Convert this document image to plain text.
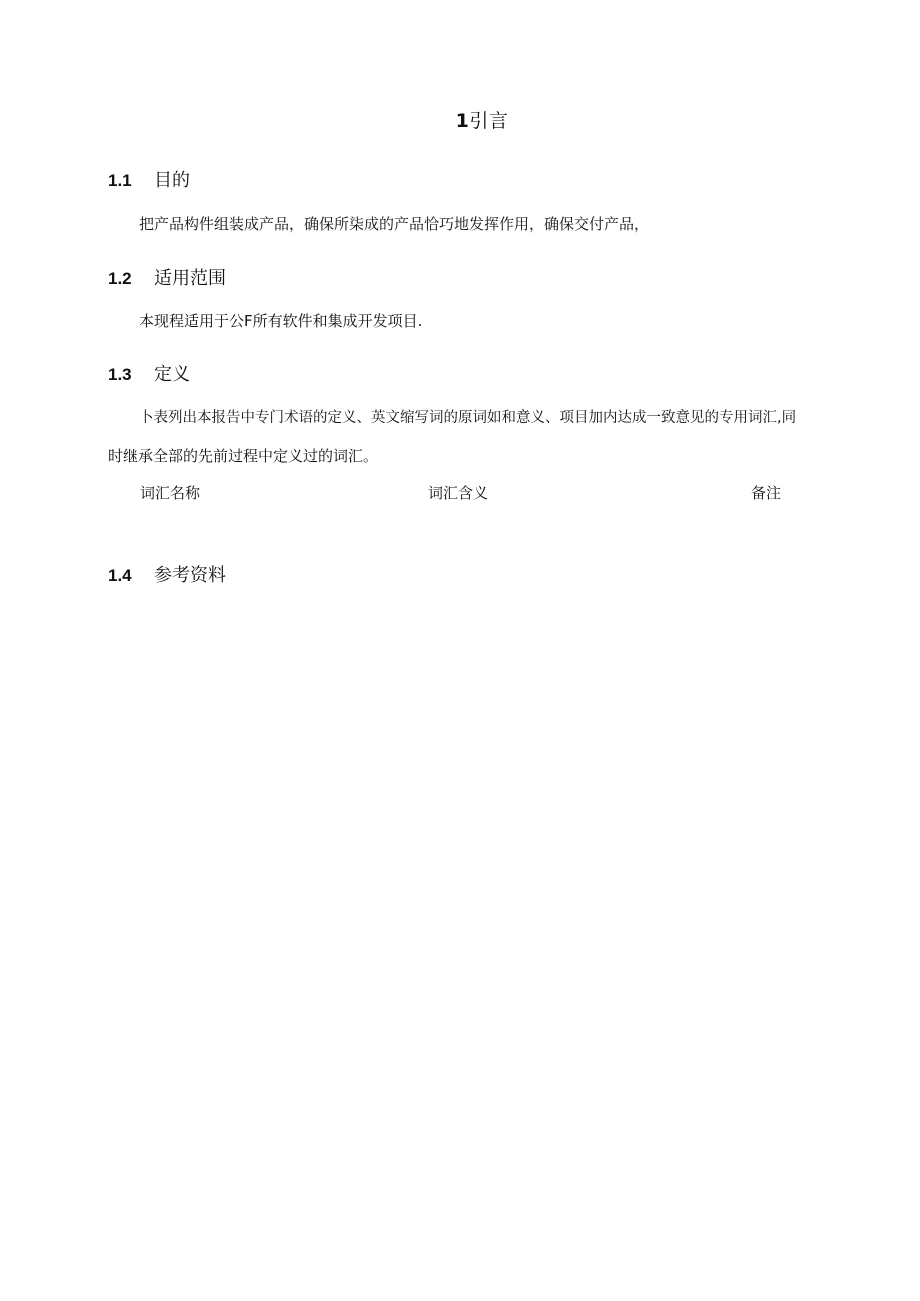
1引言
1.1 目的

把产品构件组装成产品，确保所柒成的产品恰巧地发挥作用，确保交付产品，

1.2 适用范围

本现程适用于公F所有软件和集成开发项目.

1.3 定义

卜表列出本报告中专门术语的定义、英文缩写词的原词如和意义、项目加内达成一致意见的专用词汇,同

时继承全部的先前过程中定义过的词汇。

词汇名称	词汇含义	备注
1.4 参考资料
